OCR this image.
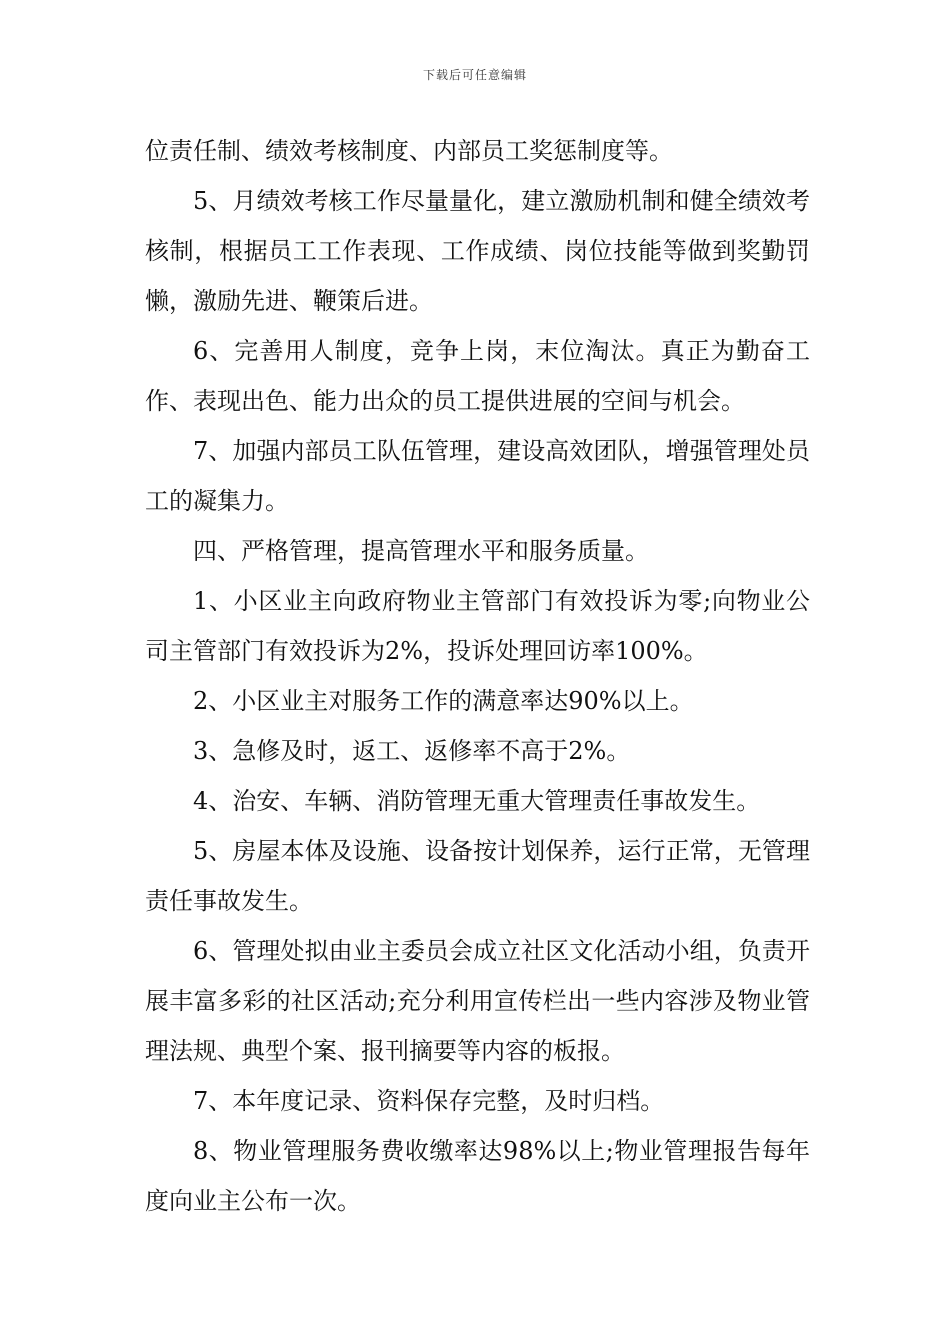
下载后可任意编辑

位责任制、绩效考核制度、内部员工奖惩制度等。

5、月绩效考核工作尽量量化，建立激励机制和健全绩效考核制，根据员工工作表现、工作成绩、岗位技能等做到奖勤罚懒，激励先进、鞭策后进。

6、完善用人制度，竞争上岗，末位淘汰。真正为勤奋工作、表现出色、能力出众的员工提供进展的空间与机会。

7、加强内部员工队伍管理，建设高效团队，增强管理处员工的凝集力。

四、严格管理，提高管理水平和服务质量。

1、小区业主向政府物业主管部门有效投诉为零;向物业公司主管部门有效投诉为2%，投诉处理回访率100%。

2、小区业主对服务工作的满意率达90%以上。

3、急修及时，返工、返修率不高于2%。

4、治安、车辆、消防管理无重大管理责任事故发生。

5、房屋本体及设施、设备按计划保养，运行正常，无管理责任事故发生。

6、管理处拟由业主委员会成立社区文化活动小组，负责开展丰富多彩的社区活动;充分利用宣传栏出一些内容涉及物业管理法规、典型个案、报刊摘要等内容的板报。

7、本年度记录、资料保存完整，及时归档。

8、物业管理服务费收缴率达98%以上;物业管理报告每年度向业主公布一次。
